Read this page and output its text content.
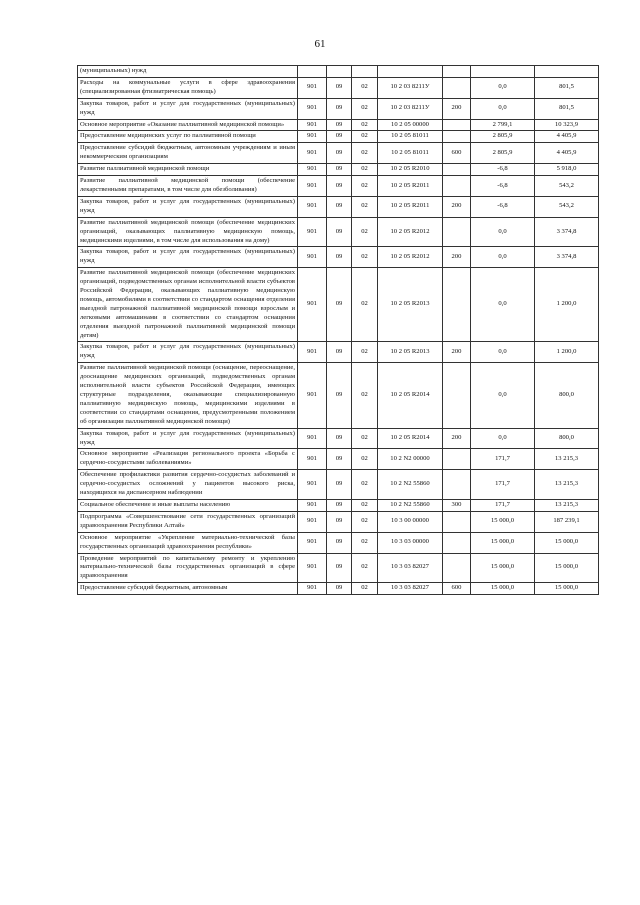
61
(муниципальных) нужд							
Расходы на коммунальные услуги в сфере здравоохранения (специализированная фтизиатрическая помощь)	901	09	02	10 2 03 8211У		0,0	801,5
Закупка товаров, работ и услуг для государственных (муниципальных) нужд	901	09	02	10 2 03 8211У	200	0,0	801,5
Основное мероприятие «Оказание паллиативной медицинской помощи»	901	09	02	10 2 05 00000		2 799,1	10 323,9
Предоставление медицинских услуг по паллиативной помощи	901	09	02	10 2 05 81011		2 805,9	4 405,9
Предоставление субсидий бюджетным, автономным учреждениям и иным некоммерческим организациям	901	09	02	10 2 05 81011	600	2 805,9	4 405,9
Развитие паллиативной медицинской помощи	901	09	02	10 2 05 R2010		-6,8	5 918,0
Развитие паллиативной медицинской помощи (обеспечение лекарственными препаратами, в том числе для обезболивания)	901	09	02	10 2 05 R2011		-6,8	543,2
Закупка товаров, работ и услуг для государственных (муниципальных) нужд	901	09	02	10 2 05 R2011	200	-6,8	543,2
Развитие паллиативной медицинской помощи (обеспечение медицинских организаций, оказывающих паллиативную медицинскую помощь, медицинскими изделиями, в том числе для использования на дому)	901	09	02	10 2 05 R2012		0,0	3 374,8
Закупка товаров, работ и услуг для государственных (муниципальных) нужд	901	09	02	10 2 05 R2012	200	0,0	3 374,8
Развитие паллиативной медицинской помощи (обеспечение медицинских организаций, подведомственных органам исполнительной власти субъектов Российской Федерации, оказывающих паллиативную медицинскую помощь, автомобилями в соответствии со стандартом оснащения отделения выездной патронажной паллиативной медицинской помощи взрослым и легковыми автомашинами в соответствии со стандартом оснащения отделения выездной патронажной паллиативной медицинской помощи детям)	901	09	02	10 2 05 R2013		0,0	1 200,0
Закупка товаров, работ и услуг для государственных (муниципальных) нужд	901	09	02	10 2 05 R2013	200	0,0	1 200,0
Развитие паллиативной медицинской помощи (оснащение, переоснащение, дооснащение медицинских организаций, подведомственных органам исполнительной власти субъектов Российской Федерации, имеющих структурные подразделения, оказывающие специализированную паллиативную медицинскую помощь, медицинскими изделиями в соответствии со стандартами оснащения, предусмотренными положением об организации паллиативной медицинской помощи)	901	09	02	10 2 05 R2014		0,0	800,0
Закупка товаров, работ и услуг для государственных (муниципальных) нужд	901	09	02	10 2 05 R2014	200	0,0	800,0
Основное мероприятие «Реализация регионального проекта «Борьба с сердечно-сосудистыми заболеваниями»	901	09	02	10 2 N2 00000		171,7	13 215,3
Обеспечение профилактики развития сердечно-сосудистых заболеваний и сердечно-сосудистых осложнений у пациентов высокого риска, находящихся на диспансерном наблюдении	901	09	02	10 2 N2 55860		171,7	13 215,3
Социальное обеспечение и иные выплаты населению	901	09	02	10 2 N2 55860	300	171,7	13 215,3
Подпрограмма «Совершенствование сети государственных организаций здравоохранения Республики Алтай»	901	09	02	10 3 00 00000		15 000,0	187 239,1
Основное мероприятие «Укрепление материально-технической базы государственных организаций здравоохранения республики»	901	09	02	10 3 03 00000		15 000,0	15 000,0
Проведение мероприятий по капитальному ремонту и укреплению материально-технической базы государственных организаций в сфере здравоохранения	901	09	02	10 3 03 82027		15 000,0	15 000,0
Предоставление субсидий бюджетным, автономным	901	09	02	10 3 03 82027	600	15 000,0	15 000,0
